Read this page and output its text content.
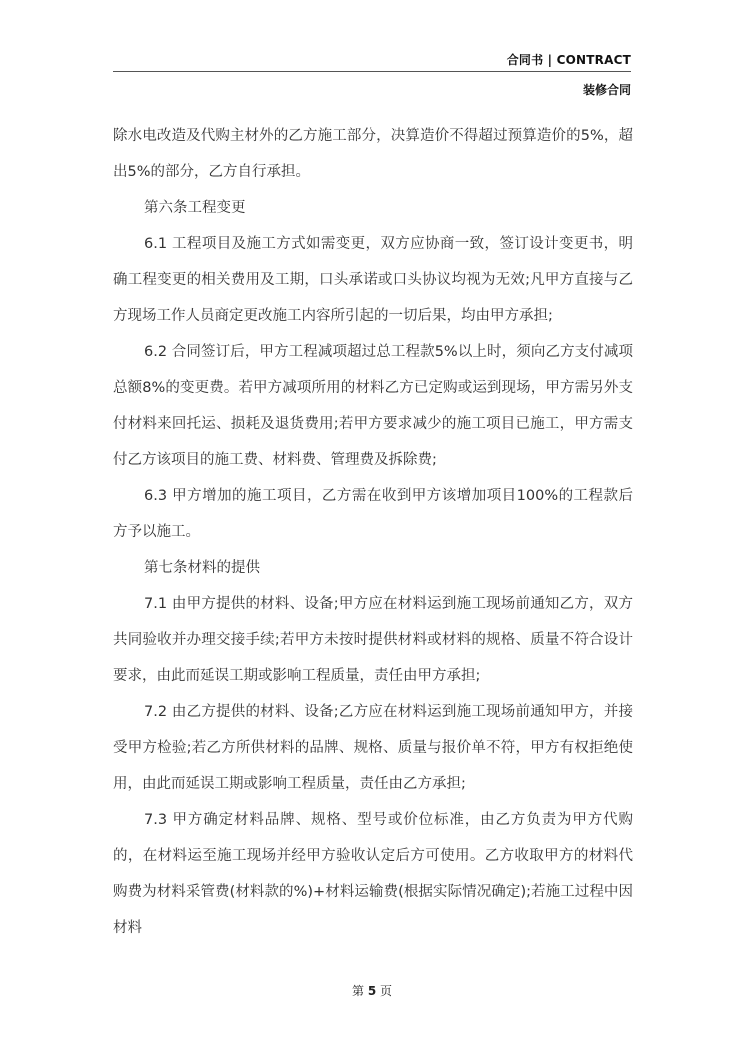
合同书 | CONTRACT
装修合同

除水电改造及代购主材外的乙方施工部分，决算造价不得超过预算造价的5%，超出5%的部分，乙方自行承担。

第六条工程变更

6.1 工程项目及施工方式如需变更，双方应协商一致，签订设计变更书，明确工程变更的相关费用及工期，口头承诺或口头协议均视为无效;凡甲方直接与乙方现场工作人员商定更改施工内容所引起的一切后果，均由甲方承担;

6.2 合同签订后，甲方工程减项超过总工程款5%以上时，须向乙方支付减项总额8%的变更费。若甲方减项所用的材料乙方已定购或运到现场，甲方需另外支付材料来回托运、损耗及退货费用;若甲方要求减少的施工项目已施工，甲方需支付乙方该项目的施工费、材料费、管理费及拆除费;

6.3 甲方增加的施工项目，乙方需在收到甲方该增加项目100%的工程款后方予以施工。

第七条材料的提供

7.1 由甲方提供的材料、设备;甲方应在材料运到施工现场前通知乙方，双方共同验收并办理交接手续;若甲方未按时提供材料或材料的规格、质量不符合设计要求，由此而延误工期或影响工程质量，责任由甲方承担;

7.2 由乙方提供的材料、设备;乙方应在材料运到施工现场前通知甲方，并接受甲方检验;若乙方所供材料的品牌、规格、质量与报价单不符，甲方有权拒绝使用，由此而延误工期或影响工程质量，责任由乙方承担;

7.3 甲方确定材料品牌、规格、型号或价位标准，由乙方负责为甲方代购的，在材料运至施工现场并经甲方验收认定后方可使用。乙方收取甲方的材料代购费为材料采管费(材料款的%)+材料运输费(根据实际情况确定);若施工过程中因材料

第 5 页
